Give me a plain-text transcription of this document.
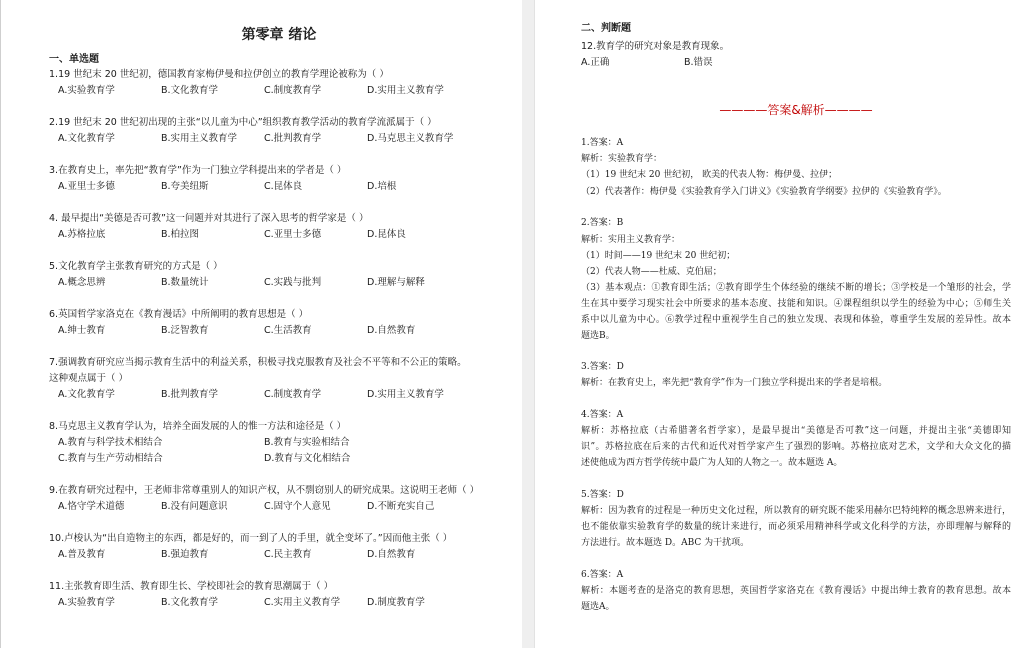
第零章 绪论
一、单选题
1.19 世纪末 20 世纪初，德国教育家梅伊曼和拉伊创立的教育学理论被称为（ ）
A.实验教育学	B.文化教育学	C.制度教育学	D.实用主义教育学
2.19 世纪末 20 世纪初出现的主张“以儿童为中心”组织教育教学活动的教育学流派属于（ ）
A.文化教育学	B.实用主义教育学	C.批判教育学	D.马克思主义教育学
3.在教育史上，率先把“教育学”作为一门独立学科提出来的学者是（ ）
A.亚里士多德	B.夸美纽斯	C.昆体良	D.培根
4. 最早提出“美德是否可教”这一问题并对其进行了深入思考的哲学家是（ ）
A.苏格拉底	B.柏拉图	C.亚里士多德	D.昆体良
5.文化教育学主张教育研究的方式是（ ）
A.概念思辨	B.数量统计	C.实践与批判	D.理解与解释
6.英国哲学家洛克在《教育漫话》中所阐明的教育思想是（ ）
A.绅士教育	B.泛智教育	C.生活教育	D.自然教育
7.强调教育研究应当揭示教育生活中的利益关系，积极寻找克服教育及社会不平等和不公正的策略。
这种观点属于（ ）
A.文化教育学	B.批判教育学	C.制度教育学	D.实用主义教育学
8.马克思主义教育学认为，培养全面发展的人的惟一方法和途径是（ ）
A.教育与科学技术相结合	B.教育与实验相结合
C.教育与生产劳动相结合	D.教育与文化相结合
9.在教育研究过程中，王老师非常尊重别人的知识产权，从不剽窃别人的研究成果。这说明王老师（ ）
A.恪守学术道德	B.没有问题意识	C.固守个人意见	D.不断充实自己
10.卢梭认为“出自造物主的东西，都是好的，而一到了人的手里，就全变坏了。”因而他主张（ ）
A.普及教育	B.强迫教育	C.民主教育	D.自然教育
11.主张教育即生活、教育即生长、学校即社会的教育思潮属于（ ）
A.实验教育学	B.文化教育学	C.实用主义教育学	D.制度教育学
二、判断题
12.教育学的研究对象是教育现象。
A.正确	B.错误
————答案&解析————
1.答案：A
解析：实验教育学：
（1）19 世纪末 20 世纪初， 欧美的代表人物：梅伊曼、拉伊；
（2）代表著作：梅伊曼《实验教育学入门讲义》《实验教育学纲要》拉伊的《实验教育学》。
2.答案：B
解析：实用主义教育学：
（1）时间——19 世纪末 20 世纪初；
（2）代表人物——杜威、克伯屈；
（3）基本观点：①教育即生活；②教育即学生个体经验的继续不断的增长；③学校是一个雏形的社会，学
生在其中要学习现实社会中所要求的基本态度、技能和知识。④课程组织以学生的经验为中心；⑤师生关
系中以儿童为中心。⑥教学过程中重视学生自己的独立发现、表现和体验，尊重学生发展的差异性。故本
题选B。
3.答案：D
解析：在教育史上，率先把“教育学”作为一门独立学科提出来的学者是培根。
4.答案：A
解析：苏格拉底（古希腊著名哲学家），是最早提出“美德是否可教”这一问题，并提出主张“美德即知
识”。苏格拉底在后来的古代和近代对哲学家产生了强烈的影响。苏格拉底对艺术，文学和大众文化的描
述使他成为西方哲学传统中最广为人知的人物之一。故本题选 A。
5.答案：D
解析：因为教育的过程是一种历史文化过程，所以教育的研究既不能采用赫尔巴特纯粹的概念思辨来进行，
也不能依靠实验教育学的数量的统计来进行，而必须采用精神科学或文化科学的方法，亦即理解与解释的
方法进行。故本题选 D。ABC 为干扰项。
6.答案：A
解析：本题考查的是洛克的教育思想，英国哲学家洛克在《教育漫话》中提出绅士教育的教育思想。故本
题选A。
